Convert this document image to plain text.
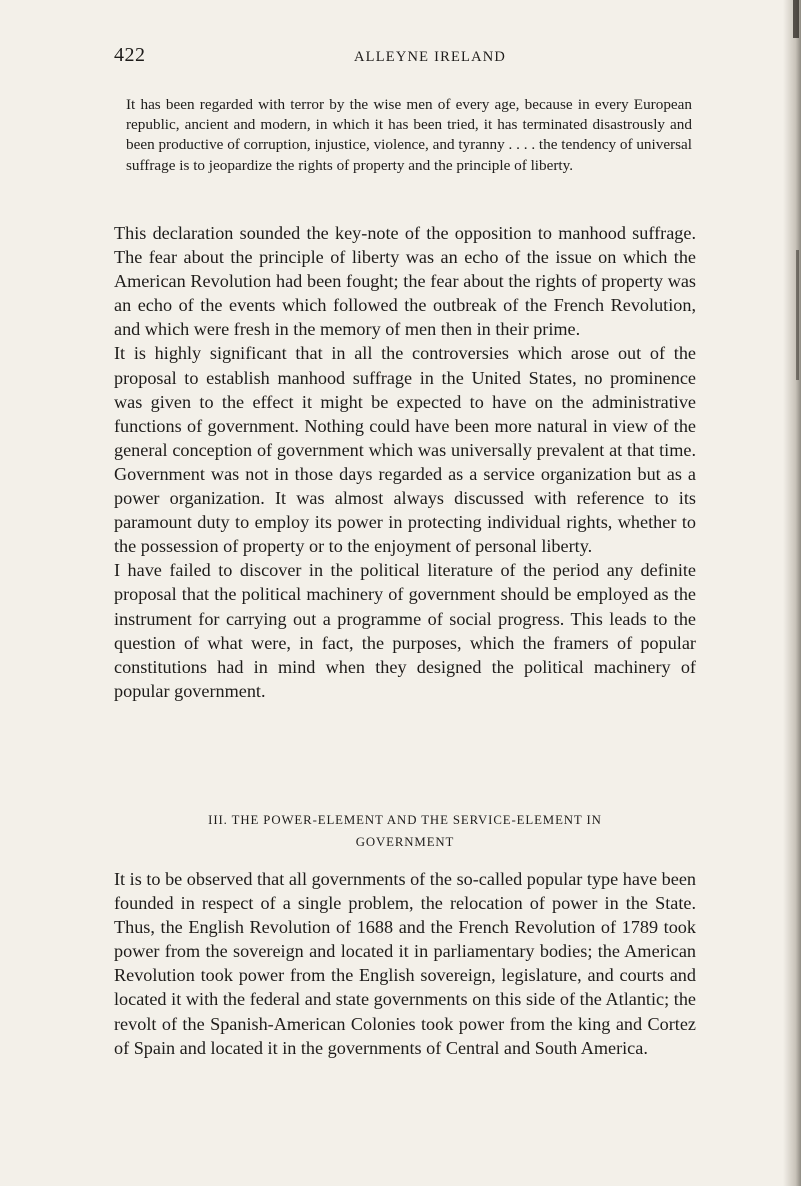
422	ALLEYNE IRELAND

It has been regarded with terror by the wise men of every age, because in every European republic, ancient and modern, in which it has been tried, it has terminated disastrously and been productive of corruption, injustice, violence, and tyranny . . . . the tendency of universal suffrage is to jeopardize the rights of property and the principle of liberty.

This declaration sounded the key-note of the opposition to manhood suffrage. The fear about the principle of liberty was an echo of the issue on which the American Revolution had been fought; the fear about the rights of property was an echo of the events which followed the outbreak of the French Revolution, and which were fresh in the memory of men then in their prime.

It is highly significant that in all the controversies which arose out of the proposal to establish manhood suffrage in the United States, no prominence was given to the effect it might be expected to have on the administrative functions of government. Nothing could have been more natural in view of the general conception of government which was universally prevalent at that time. Government was not in those days regarded as a service organization but as a power organization. It was almost always discussed with reference to its paramount duty to employ its power in protecting individual rights, whether to the possession of property or to the enjoyment of personal liberty.

I have failed to discover in the political literature of the period any definite proposal that the political machinery of government should be employed as the instrument for carrying out a programme of social progress. This leads to the question of what were, in fact, the purposes, which the framers of popular constitutions had in mind when they designed the political machinery of popular government.

III. THE POWER-ELEMENT AND THE SERVICE-ELEMENT IN
GOVERNMENT

It is to be observed that all governments of the so-called popular type have been founded in respect of a single problem, the relocation of power in the State. Thus, the English Revolution of 1688 and the French Revolution of 1789 took power from the sovereign and located it in parliamentary bodies; the American Revolution took power from the English sovereign, legislature, and courts and located it with the federal and state governments on this side of the Atlantic; the revolt of the Spanish-American Colonies took power from the king and Cortez of Spain and located it in the governments of Central and South America.
